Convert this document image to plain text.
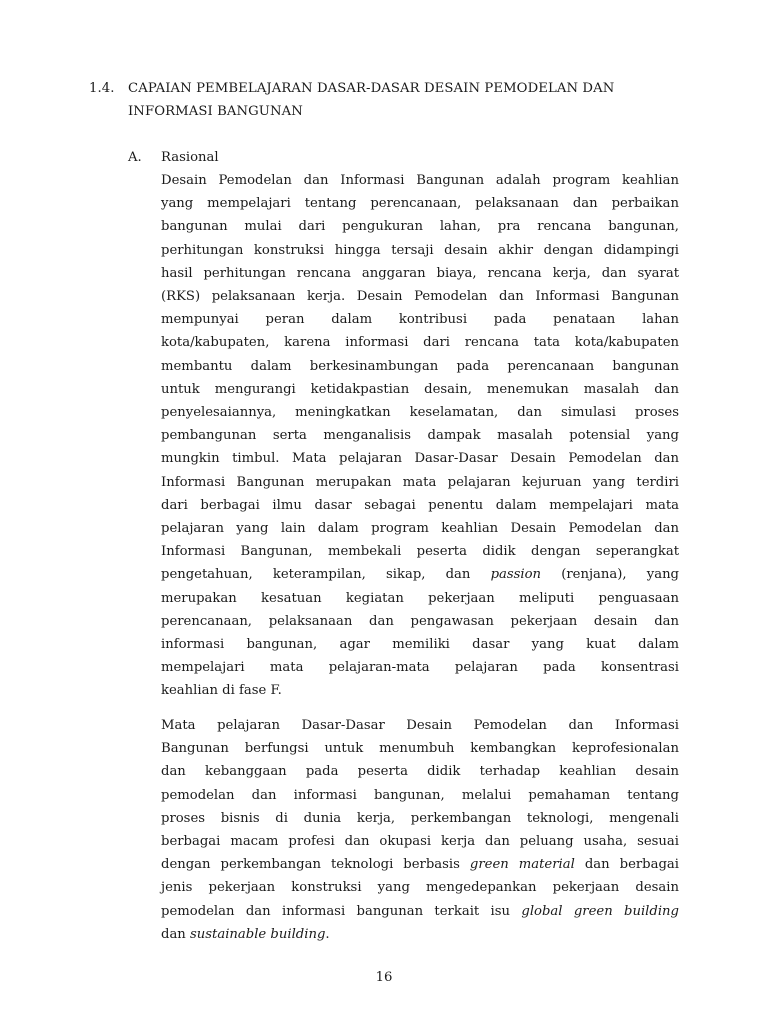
1.4. CAPAIAN PEMBELAJARAN DASAR-DASAR DESAIN PEMODELAN DAN
INFORMASI BANGUNAN
A. Rasional
Desain Pemodelan dan Informasi Bangunan adalah program keahlian
yang mempelajari tentang perencanaan, pelaksanaan dan perbaikan
bangunan mulai dari pengukuran lahan, pra rencana bangunan,
perhitungan konstruksi hingga tersaji desain akhir dengan didampingi
hasil perhitungan rencana anggaran biaya, rencana kerja, dan syarat
(RKS) pelaksanaan kerja. Desain Pemodelan dan Informasi Bangunan
mempunyai peran dalam kontribusi pada penataan lahan
kota/kabupaten, karena informasi dari rencana tata kota/kabupaten
membantu dalam berkesinambungan pada perencanaan bangunan
untuk mengurangi ketidakpastian desain, menemukan masalah dan
penyelesaiannya, meningkatkan keselamatan, dan simulasi proses
pembangunan serta menganalisis dampak masalah potensial yang
mungkin timbul. Mata pelajaran Dasar-Dasar Desain Pemodelan dan
Informasi Bangunan merupakan mata pelajaran kejuruan yang terdiri
dari berbagai ilmu dasar sebagai penentu dalam mempelajari mata
pelajaran yang lain dalam program keahlian Desain Pemodelan dan
Informasi Bangunan, membekali peserta didik dengan seperangkat
pengetahuan, keterampilan, sikap, dan passion (renjana), yang
merupakan kesatuan kegiatan pekerjaan meliputi penguasaan
perencanaan, pelaksanaan dan pengawasan pekerjaan desain dan
informasi bangunan, agar memiliki dasar yang kuat dalam
mempelajari mata pelajaran-mata pelajaran pada konsentrasi
keahlian di fase F.
Mata pelajaran Dasar-Dasar Desain Pemodelan dan Informasi
Bangunan berfungsi untuk menumbuh kembangkan keprofesionalan
dan kebanggaan pada peserta didik terhadap keahlian desain
pemodelan dan informasi bangunan, melalui pemahaman tentang
proses bisnis di dunia kerja, perkembangan teknologi, mengenali
berbagai macam profesi dan okupasi kerja dan peluang usaha, sesuai
dengan perkembangan teknologi berbasis green material dan berbagai
jenis pekerjaan konstruksi yang mengedepankan pekerjaan desain
pemodelan dan informasi bangunan terkait isu global green building
dan sustainable building.
16
